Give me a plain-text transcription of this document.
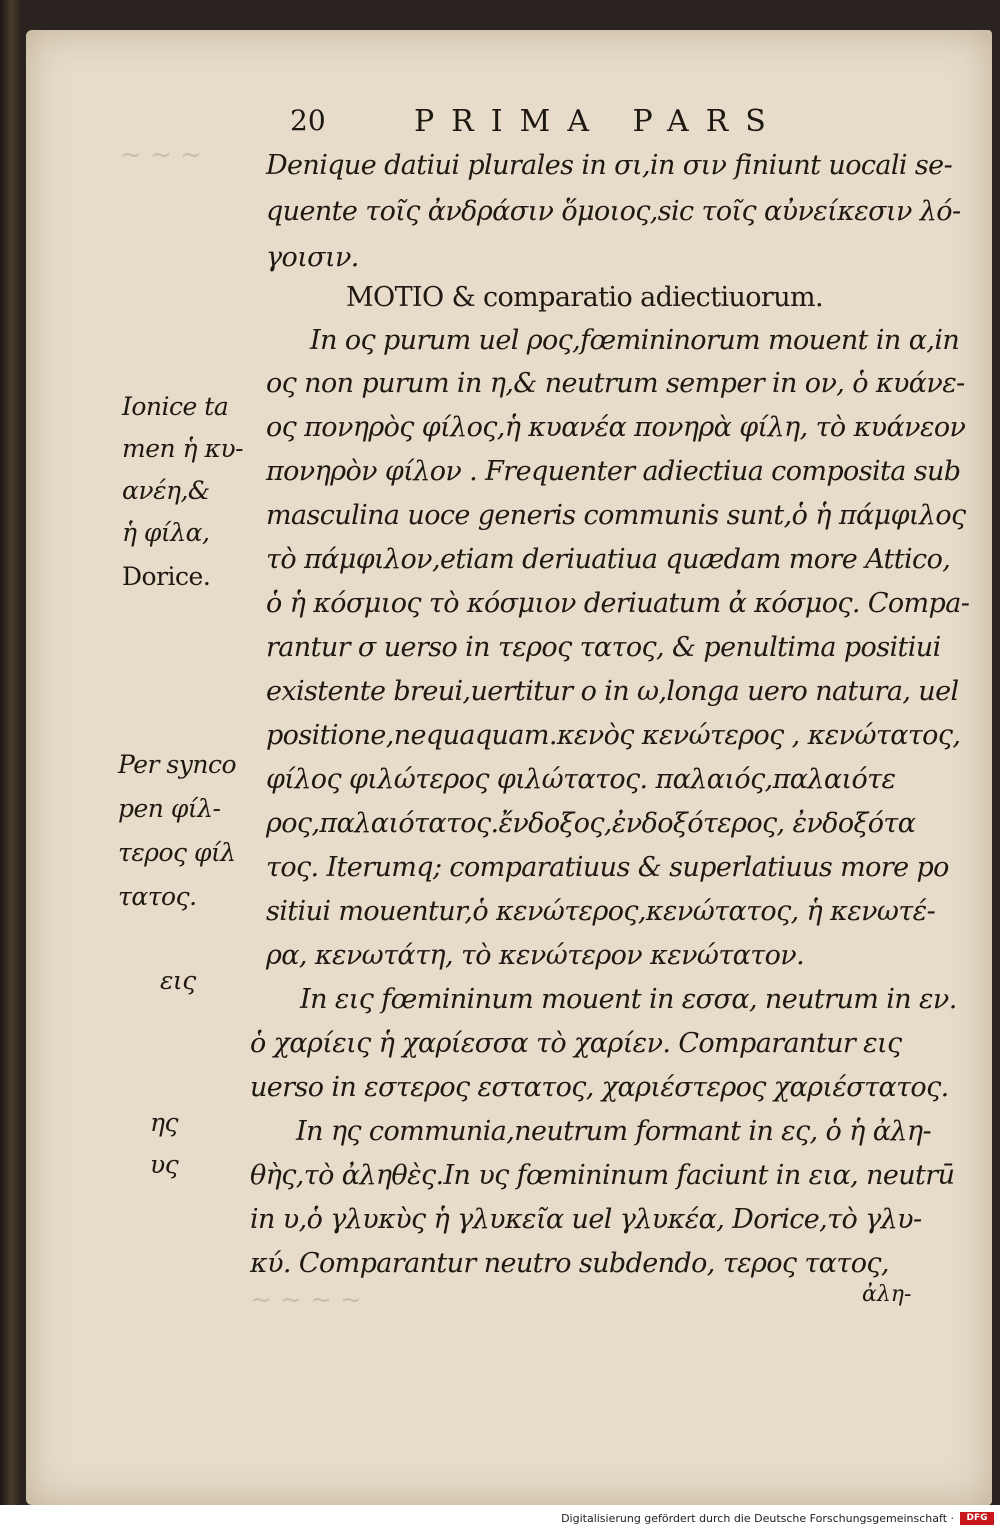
~ ~ ~
~ ~ ~ ~
20	PRIMA PARS
Denique datiui plurales in σι,in σιν finiunt uocali se-
quente τοῖς ἀνδράσιν ὅμοιος,sic τοῖς αὐνείκεσιν λό-
γοισιν.
MOTIO & comparatio adiectiuorum.
In ος purum uel ρος,fœmininorum mouent in α,in
ος non purum in η,& neutrum semper in ον, ὁ κυάνε-
ος πονηρὸς φίλος,ἡ κυανέα πονηρὰ φίλη, τὸ κυάνεον
πονηρὸν φίλον . Frequenter adiectiua composita sub
masculina uoce generis communis sunt,ὁ ἡ πάμφιλος
τὸ πάμφιλον,etiam deriuatiua quædam more Attico,
ὁ ἡ κόσμιος τὸ κόσμιον deriuatum ἀ κόσμος. Compa-
rantur σ uerso in τερος τατος, & penultima positiui
existente breui,uertitur ο in ω,longa uero natura, uel
positione,nequaquam.κενὸς κενώτερος , κενώτατος,
φίλος φιλώτερος φιλώτατος. παλαιός,παλαιότε
ρος,παλαιότατος.ἔνδοξος,ἐνδοξότερος, ἐνδοξότα
τος. Iterumq; comparatiuus & superlatiuus more po
sitiui mouentur,ὁ κενώτερος,κενώτατος, ἡ κενωτέ-
ρα, κενωτάτη, τὸ κενώτερον κενώτατον.
In εις fœmininum mouent in εσσα, neutrum in εν.
ὁ χαρίεις ἡ χαρίεσσα τὸ χαρίεν. Comparantur εις
uerso in εστερος εστατος, χαριέστερος χαριέστατος.
In ης communia,neutrum formant in ες, ὁ ἡ ἀλη-
θὴς,τὸ ἀληθὲς.In υς fœmininum faciunt in εια, neutrū
in υ,ὁ γλυκὺς ἡ γλυκεῖα uel γλυκέα, Dorice,τὸ γλυ-
κύ. Comparantur neutro subdendo, τερος τατος,
ἀλη-
Ionice ta
men ἡ κυ-
ανέη,&
ἡ φίλα,
Dorice.
Per synco
pen φίλ-
τερος φίλ
τατος.
εις
ης
υς
Digitalisierung gefördert durch die Deutsche Forschungsgemeinschaft ·	DFG
